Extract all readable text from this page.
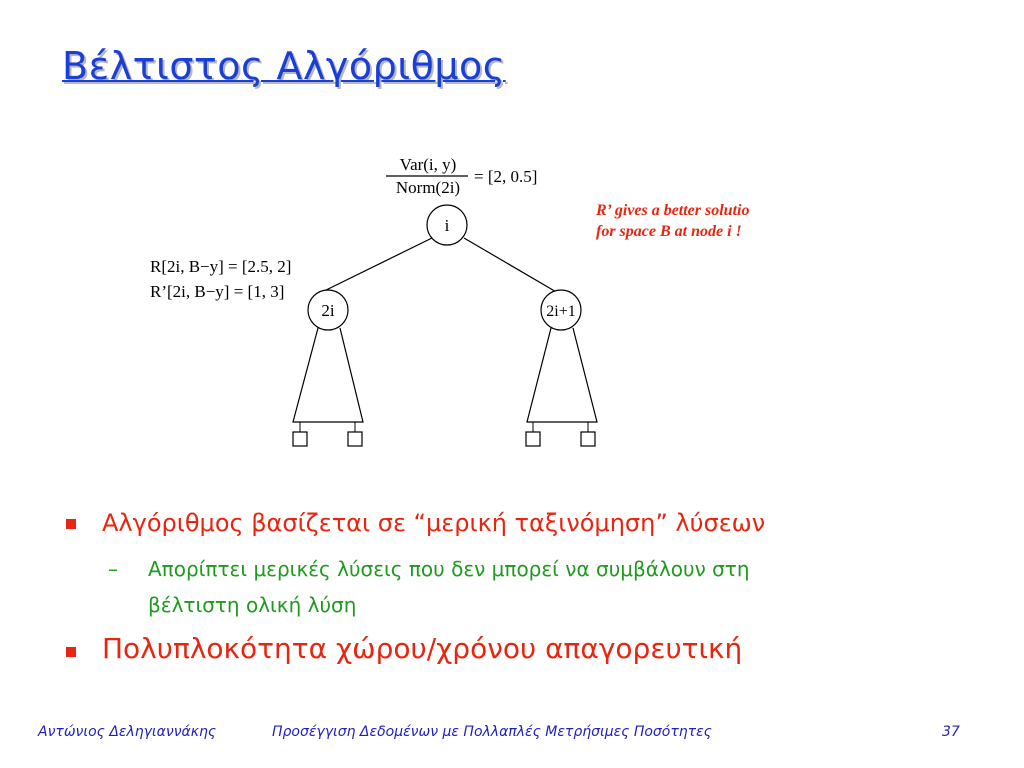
Βέλτιστος Αλγόριθμος
Var(i, y)
Norm(2i)
= [2, 0.5]
i
R[2i, B−y] = [2.5, 2]
R’[2i, B−y] = [1, 3]
2i	2i+1
R’ gives a better solutio
for space B at node i !
Αλγόριθμος βασίζεται σε “μερική ταξινόμηση” λύσεων
– Απορίπτει μερικές λύσεις που δεν μπορεί να συμβάλουν στη
βέλτιστη ολική λύση
Πολυπλοκότητα χώρου/χρόνου απαγορευτική
Αντώνιος Δεληγιαννάκης	Προσέγγιση Δεδομένων με Πολλαπλές Μετρήσιμες Ποσότητες	37
